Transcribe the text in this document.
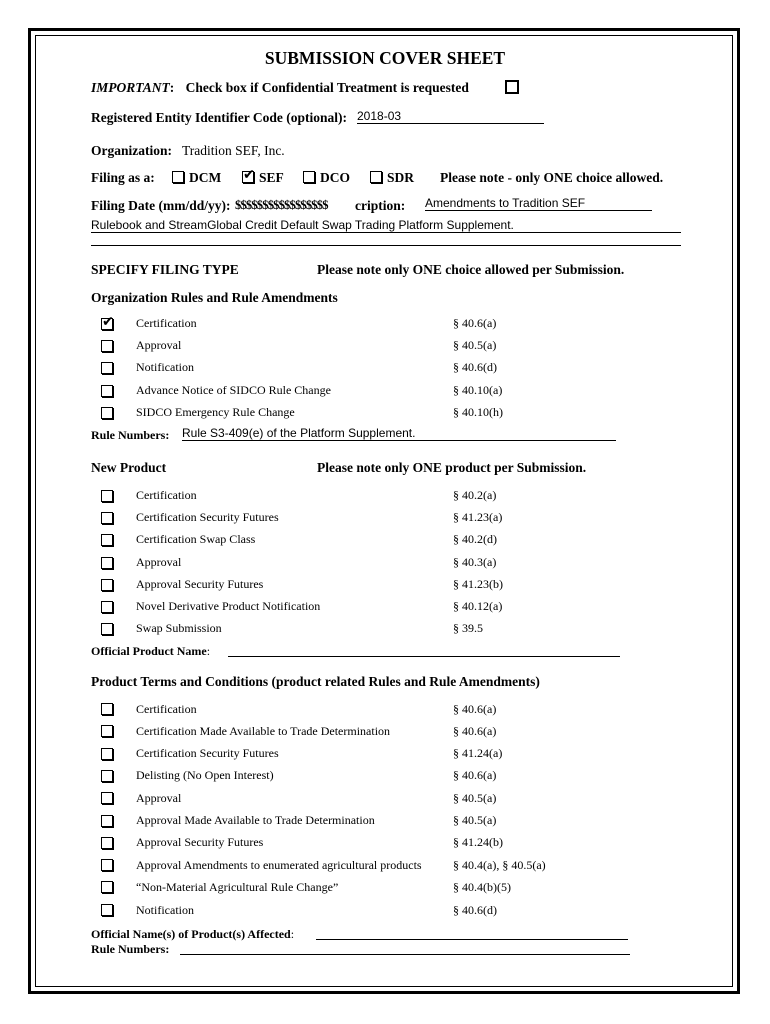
SUBMISSION COVER SHEET
IMPORTANT: Check box if Confidential Treatment is requested
Registered Entity Identifier Code (optional): 2018-03
Organization: Tradition SEF, Inc.
Filing as a:	DCM ✔ SEF	DCO	SDR Please note - only ONE choice allowed.
Filing Date (mm/dd/yy): $$$$$$$$$$$$$$$$$ cription: Amendments to Tradition SEF
Rulebook and StreamGlobal Credit Default Swap Trading Platform Supplement.
SPECIFY FILING TYPE	Please note only ONE choice allowed per Submission.
Organization Rules and Rule Amendments
✔ Certification	§ 40.6(a)
Approval	§ 40.5(a)
Notification	§ 40.6(d)
Advance Notice of SIDCO Rule Change	§ 40.10(a)
SIDCO Emergency Rule Change	§ 40.10(h)
Rule Numbers: Rule S3-409(e) of the Platform Supplement.
New Product	Please note only ONE product per Submission.
Certification	§ 40.2(a)
Certification Security Futures	§ 41.23(a)
Certification Swap Class	§ 40.2(d)
Approval	§ 40.3(a)
Approval Security Futures	§ 41.23(b)
Novel Derivative Product Notification	§ 40.12(a)
Swap Submission	§ 39.5
Official Product Name:
Product Terms and Conditions (product related Rules and Rule Amendments)
Certification	§ 40.6(a)
Certification Made Available to Trade Determination	§ 40.6(a)
Certification Security Futures	§ 41.24(a)
Delisting (No Open Interest)	§ 40.6(a)
Approval	§ 40.5(a)
Approval Made Available to Trade Determination	§ 40.5(a)
Approval Security Futures	§ 41.24(b)
Approval Amendments to enumerated agricultural products	§ 40.4(a), § 40.5(a)
“Non-Material Agricultural Rule Change”	§ 40.4(b)(5)
Notification	§ 40.6(d)
Official Name(s) of Product(s) Affected:
Rule Numbers:
